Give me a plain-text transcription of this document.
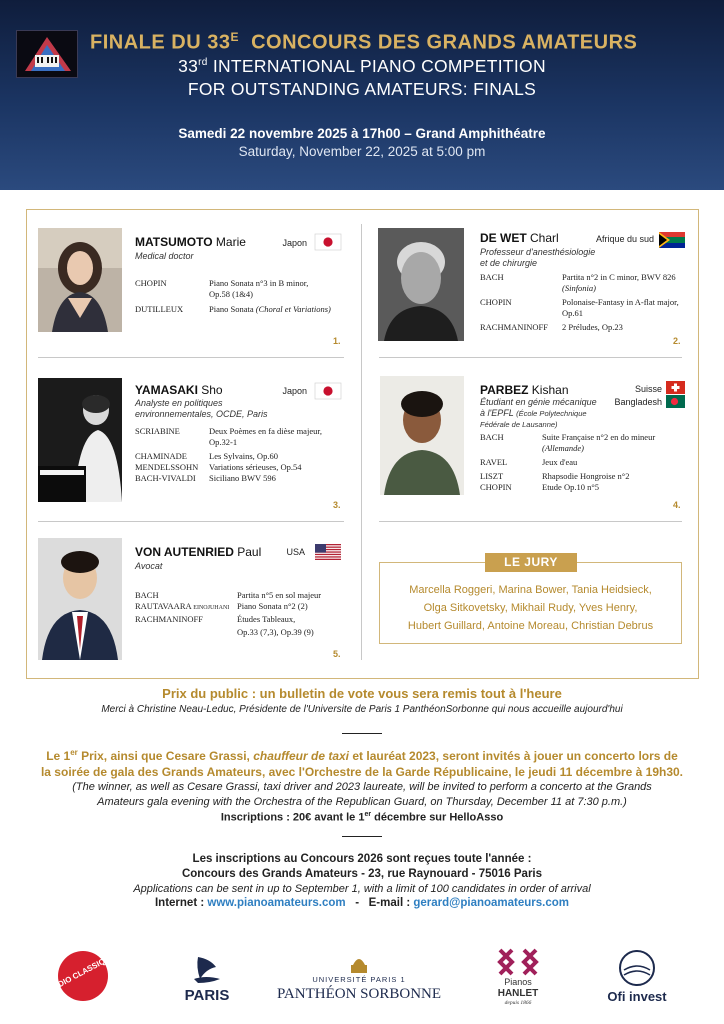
FINALE DU $33^E$ CONCOURS DES GRANDS AMATEURS
33rd INTERNATIONAL PIANO COMPETITION
FOR OUTSTANDING AMATEURS: FINALS
Samedi 22 novembre 2025 à 17h00 – Grand Amphithéatre
Saturday, November 22, 2025 at 5:00 pm
MATSUMOTO Marie
Medical doctor
Japon
CHOPIN	Piano Sonata n°3 in B minor,
Op.58 (1&4)
DUTILLEUX	Piano Sonata (Choral et Variations)
1.
DE WET Charl
Professeur d'anesthésiologie
et de chirurgie
Afrique du sud
BACH	Partita n°2 in C minor, BWV 826
(Sinfonia)
CHOPIN	Polonaise-Fantasy in A-flat major,
Op.61
RACHMANINOFF	2 Préludes, Op.23
2.
YAMASAKI Sho
Analyste en politiques
environnementales, OCDE, Paris
Japon
SCRIABINE	Deux Poèmes en fa dièse majeur,
Op.32-1
CHAMINADE	Les Sylvains, Op.60
MENDELSSOHN	Variations sérieuses, Op.54
BACH-VIVALDI	Siciliano BWV 596
3.
PARBEZ Kishan
Étudiant en génie mécanique
à l'EPFL (École Polytechnique
Fédérale de Lausanne)
Suisse
Bangladesh
BACH	Suite Française n°2 en do mineur
(Allemande)
RAVEL	Jeux d'eau
LISZT	Rhapsodie Hongroise n°2
CHOPIN	Etude Op.10 n°5
4.
VON AUTENRIED Paul
Avocat
USA
BACH	Partita n°5 en sol majeur
RAUTAVAARA EINOJUHANI Piano Sonata n°2 (2)
RACHMANINOFF	Études Tableaux,
Op.33 (7,3), Op.39 (9)
5.
LE JURY
Marcella Roggeri, Marina Bower, Tania Heidsieck,
Olga Sitkovetsky, Mikhail Rudy, Yves Henry,
Hubert Guillard, Antoine Moreau, Christian Debrus
Prix du public : un bulletin de vote vous sera remis tout à l'heure
Merci à Christine Neau-Leduc, Présidente de l'Universite de Paris 1 PanthéonSorbonne qui nous accueille aujourd'hui
Le 1er Prix, ainsi que Cesare Grassi, chauffeur de taxi et lauréat 2023, seront invités à jouer un concerto lors de
la soirée de gala des Grands Amateurs, avec l'Orchestre de la Garde Républicaine, le jeudi 11 décembre à 19h30.
(The winner, as well as Cesare Grassi, taxi driver and 2023 laureate, will be invited to perform a concerto at the Grands
Amateurs gala evening with the Orchestra of the Republican Guard, on Thursday, December 11 at 7:30 p.m.)
Inscriptions : 20€ avant le 1er décembre sur HelloAsso
Les inscriptions au Concours 2026 sont reçues toute l'année :
Concours des Grands Amateurs - 23, rue Raynouard - 75016 Paris
Applications can be sent in up to September 1, with a limit of 100 candidates in order of arrival
Internet : www.pianoamateurs.com   -   E-mail : gerard@pianoamateurs.com
RADIO CLASSIQUE
PARIS
UNIVERSITÉ PARIS 1
PANTHÉON SORBONNE
Pianos
HANLET
depuis 1866	Ofi invest
